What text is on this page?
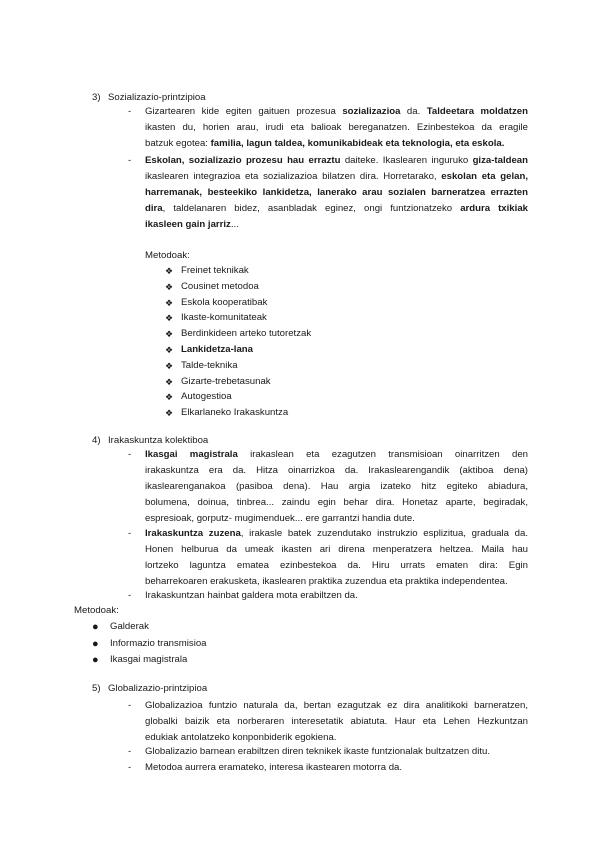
3) Sozializazio-printzipioa
- Gizartearen kide egiten gaituen prozesua sozializazioa da. Taldeetara moldatzen
ikasten du, horien arau, irudi eta balioak bereganatzen. Ezinbestekoa da eragile
batzuk egotea: familia, lagun taldea, komunikabideak eta teknologia, eta eskola.
- Eskolan, sozializazio prozesu hau erraztu daiteke. Ikaslearen inguruko giza-taldean
ikaslearen integrazioa eta sozializazioa bilatzen dira. Horretarako, eskolan eta gelan,
harremanak, besteekiko lankidetza, lanerako arau sozialen barneratzea errazten
dira, taldelanaren bidez, asanbladak eginez, ongi funtzionatzeko ardura txikiak
ikasleen gain jarriz...
Metodoak:
❖ Freinet teknikak
❖ Cousinet metodoa
❖ Eskola kooperatibak
❖ Ikaste-komunitateak
❖ Berdinkideen arteko tutoretzak
❖ Lankidetza-lana
❖ Talde-teknika
❖ Gizarte-trebetasunak
❖ Autogestioa
❖ Elkarlaneko Irakaskuntza
4) Irakaskuntza kolektiboa
- Ikasgai magistrala irakaslean eta ezagutzen transmisioan oinarritzen den
irakaskuntza era da. Hitza oinarrizkoa da. Irakaslearengandik (aktiboa dena)
ikaslearenganakoa (pasiboa dena). Hau argia izateko hitz egiteko abiadura,
bolumena, doinua, tinbrea... zaindu egin behar dira. Honetaz aparte, begiradak,
espresioak, gorputz- mugimenduek... ere garrantzi handia dute.
- Irakaskuntza zuzena, irakasle batek zuzendutako instrukzio esplizitua, graduala da.
Honen helburua da umeak ikasten ari direna menperatzera heltzea. Maila hau
lortzeko laguntza ematea ezinbestekoa da. Hiru urrats ematen dira: Egin
beharrekoaren erakusketa, ikaslearen praktika zuzendua eta praktika independentea.
- Irakaskuntzan hainbat galdera mota erabiltzen da.
Metodoak:
● Galderak
● Informazio transmisioa
● Ikasgai magistrala
5) Globalizazio-printzipioa
- Globalizazioa funtzio naturala da, bertan ezagutzak ez dira analitikoki barneratzen,
globalki baizik eta norberaren interesetatik abiatuta. Haur eta Lehen Hezkuntzan
edukiak antolatzeko konponbiderik egokiena.
- Globalizazio barnean erabiltzen diren teknikek ikaste funtzionalak bultzatzen ditu.
- Metodoa aurrera eramateko, interesa ikastearen motorra da.
